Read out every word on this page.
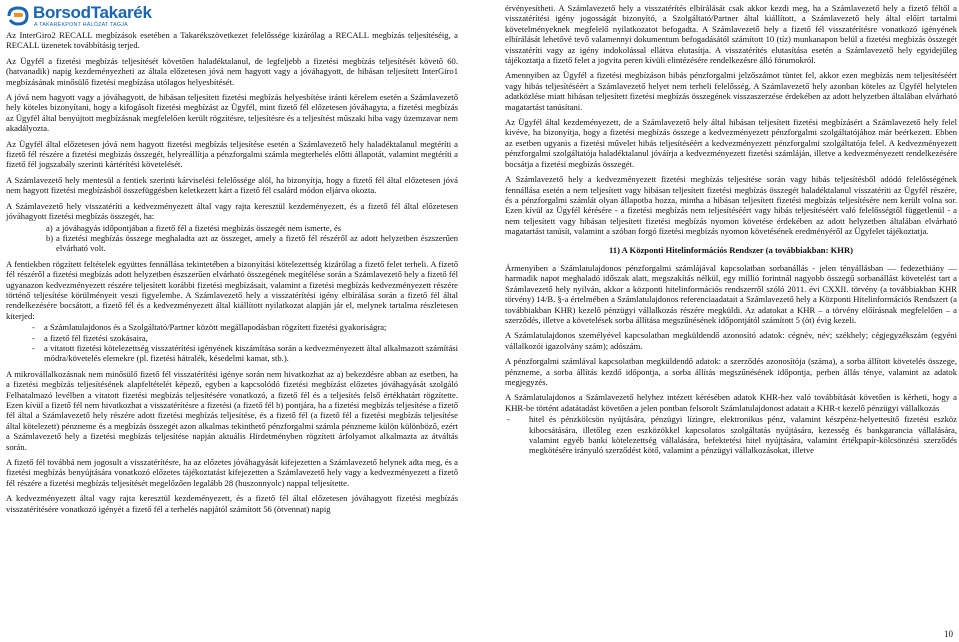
BorsodTakarék
A TAKARÉKPONT HÁLÓZAT TAGJA

Az InterGiro2 RECALL megbízások esetében a Takarékszövetkezet felelőssége kizárólag a RECALL megbízás teljesítéséig, a RECALL üzenetek továbbításig terjed.

Az Ügyfél a fizetési megbízás teljesítését követően haladéktalanul, de legfeljebb a fizetési megbízás teljesítését követő 60. (hatvanadik) napig kezdeményezheti az általa előzetesen jóvá nem hagyott vagy a jóváhagyott, de hibásan teljesített InterGiro1 megbízásának minősülő fizetési megbízása utólagos helyesbítését.

A jóvá nem hagyott vagy a jóváhagyott, de hibásan teljesített fizetési megbízás helyesbítése iránti kérelem esetén a Számlavezető hely köteles bizonyítani, hogy a kifogásolt fizetési megbízást az Ügyfél, mint fizető fél előzetesen jóváhagyta, a fizetési megbízás az Ügyfél által benyújtott megbízásnak megfelelően került rögzítésre, teljesítésre és a teljesítést műszaki hiba vagy üzemzavar nem akadályozta.

Az Ügyfél által előzetesen jóvá nem hagyott fizetési megbízás teljesítése esetén a Számlavezető hely haladéktalanul megtéríti a fizető fél részére a fizetési megbízás összegét, helyreállítja a pénzforgalmi számla megterhelés előtti állapotát, valamint megtéríti a fizető fél jogszabály szerinti kártérítési követelését.

A Számlavezető hely mentesül a fentiek szerinti kárviselési felelőssége alól, ha bizonyítja, hogy a fizető fél által előzetesen jóvá nem hagyott fizetési megbízásból összefüggésben keletkezett kárt a fizető fél csalárd módon eljárva okozta.

A Számlavezető hely visszatéríti a kedvezményezett által vagy rajta keresztül kezdeményezett, és a fizető fél által előzetesen jóváhagyott fizetési megbízás összegét, ha:

a) a jóváhagyás időpontjában a fizető fél a fizetési megbízás összegét nem ismerte, és
b) a fizetési megbízás összege meghaladta azt az összeget, amely a fizető fél részéről az adott helyzetben észszerűen elvárható volt.

A fentiekben rögzített feltételek együttes fennállása tekintetében a bizonyítási kötelezettség kizárólag a fizető felet terheli. A fizető fél részéről a fizetési megbízás adott helyzetben észszerűen elvárható összegének megítélése során a Számlavezető hely a fizető fél ugyanazon kedvezményezett részére teljesített korábbi fizetési megbízásait, valamint a fizetési megbízás kedvezményezett részére történő teljesítése körülményeit veszi figyelembe. A Számlavezető hely a visszatérítési igény elbírálása során a fizető fél által rendelkezésére bocsátott, a fizető fél és a kedvezményezett által kiállított nyilatkozat alapján jár el, melynek tartalma részletesen kiterjed:

-	a Számlatulajdonos és a Szolgáltató/Partner között megállapodásban rögzített fizetési gyakoriságra;
-	a fizető fél fizetési szokásaira,
-	a vitatott fizetési kötelezettség visszatérítési igényének kiszámítása során a kedvezményezett által alkalmazott számítási módra/követelés elemekre (pl. fizetési hátralék, késedelmi kamat, stb.).

A mikrovállalkozásnak nem minősülő fizető fél visszatérítési igénye során nem hivatkozhat az a) bekezdésre abban az esetben, ha a fizetési megbízás teljesítésének alapfeltételét képező, egyben a kapcsolódó fizetési megbízást előzetes jóváhagyását szolgáló Felhatalmazó levélben a vitatott fizetési megbízás teljesítésére vonatkozó, a fizető fél és a teljesítés felső értékhatárt rögzítette. Ezen kívül a fizető fél nem hivatkozhat a visszatérítésre a fizetési (a fizető fél b) pontjára, ha a fizetési megbízás teljesítése a fizető fél által a Számlavezető hely részére adott fizetési megbízás teljesítése, és a fizető fél (a fizető fél a fizetési megbízás teljesítése által kötelezett) pénzneme és a megbízás összegét azon alkalmas tekinthető pénzforgalmi számla pénzneme külön különböző, ezért a Számlavezető hely a fizetési megbízás teljesítése napján aktuális Hirdetményben rögzített árfolyamot alkalmazta az átváltás során.

A fizető fél továbbá nem jogosult a visszatérítésre, ha az előzetes jóváhagyását kifejezetten a Számlavezető helynek adta meg, és a fizetési megbízás benyújtására vonatkozó előzetes tájékoztatást kifejezetten a Számlavezető hely vagy a kedvezményezett a fizető fél részére a fizetési megbízás teljesítését megelőzően legalább 28 (huszonnyolc) nappal teljesítette.

A kedvezményezett által vagy rajta keresztül kezdeményezett, és a fizető fél által előzetesen jóváhagyott fizetési megbízás visszatérítésére vonatkozó igényét a fizető fél a terhelés napjától számított 56 (ötvennat) napig

érvényesítheti. A Számlavezető hely a visszatérítés elbírálását csak akkor kezdi meg, ha a Számlavezető hely a fizető féltől a visszatérítési igény jogosságát bizonyító, a Szolgáltató/Partner által kiállított, a Számlavezető hely által előírt tartalmi követelményeknek megfelelő nyilatkozatot befogadta. A Számlavezető hely a fizető fél visszatérítésre vonatkozó igényének elbírálását lehetővé tevő valamennyi dokumentum befogadásától számított 10 (tíz) munkanapon belül a fizetési megbízás összegét visszatéríti vagy az igény indokolással ellátva elutasítja. A visszatérítés elutasítása esetén a Számlavezető hely egyidejűleg tájékoztatja a fizető felet a jogvita peren kívüli elintézésére rendelkezésre álló fórumokról.

Amennyiben az Ügyfél a fizetési megbízáson hibás pénzforgalmi jelzőszámot tüntet fel, akkor ezen megbízás nem teljesítéséért vagy hibás teljesítéséért a Számlavezető helyet nem terheli felelősség. A Számlavezető hely azonban köteles az Ügyfél helytelen adatközlése miatt hibásan teljesített fizetési megbízás összegének visszaszerzése érdekében az adott helyzetben általában elvárható magatartást tanúsítani.

Az Ügyfél által kezdeményezett, de a Számlavezető hely által hibásan teljesített fizetési megbízásért a Számlavezető hely felel kivéve, ha bizonyítja, hogy a fizetési megbízás összege a kedvezményezett pénzforgalmi szolgáltatójához már beérkezett. Ebben az esetben ugyanis a fizetési művelet hibás teljesítéséért a kedvezményezett pénzforgalmi szolgáltatója felel. A kedvezményezett pénzforgalmi szolgáltatója haladéktalanul jóváírja a kedvezményezett fizetési számláján, illetve a kedvezményezett rendelkezésére bocsátja a fizetési megbízás összegét.

A Számlavezető hely a kedvezményezett fizetési megbízás teljesítése során vagy hibás teljesítésből adódó felelősségének fennállása esetén a nem teljesített vagy hibásan teljesített fizetési megbízás összegét haladéktalanul visszatéríti az Ügyfél részére, és a pénzforgalmi számlát olyan állapotba hozza, mintha a hibásan teljesített fizetési megbízás teljesítésére nem került volna sor. Ezen kívül az Ügyfél kérésére - a fizetési megbízás nem teljesítéséért vagy hibás teljesítéséért való felelősségtől függetlenül - a nem teljesített vagy hibásan teljesített fizetési megbízás nyomon követése érdekében az adott helyzetben általában elvárható magatartást tanúsít, valamint a szóban forgó fizetési megbízás nyomon követésének eredményéről az Ügyfelet tájékoztatja.

11) A Központi Hitelinformációs Rendszer (a továbbiakban: KHR)

Ármenyiben a Számlatulajdonos pénzforgalmi számlájával kapcsolatban sorbanállás - jelen tényállásban — fedezethiány — harmadik napot meghaladó időszak alatt, megszakítás nélkül, egy millió forintnál nagyobb összegű sorbanállást követelést tart a Számlavezető hely nyilván, akkor a központi hitelinformációs rendszerről szóló 2011. évi CXXII. törvény (a továbbiakban KHR törvény) 14/B. §-a értelmében a Számlatulajdonos referenciaadatait a Számlavezető hely a Központi Hitelinformációs Rendszert (a továbbiakban KHR) kezelő pénzügyi vállalkozás részére megküldi. Az adatokat a KHR – a törvény előírásnak megfelelően – a szerződés, illetve a követelések sorba állítása megszűnésének időpontjától számított 5 (öt) évig kezeli.

A Számlatulajdonos személyével kapcsolatban megküldendő azonosító adatok: cégnév, név; székhely; cégjegyzékszám (egyéni vállalkozói igazolvány szám); adószám.

A pénzforgalmi számlával kapcsolatban megküldendő adatok: a szerződés azonosítója (száma), a sorba állított követelés összege, pénzneme, a sorba állítás kezdő időpontja, a sorba állítás megszűnésének időpontja, perben állás ténye, valamint az adatok megjegyzés.

A Számlatulajdonos a Számlavezető helyhez intézett kérésében adatok KHR-hez való továbbítását követően is kérheti, hogy a KHR-be történt adatátadást követően a jelen pontban felsorolt Számlatulajdonost adatait a KHR-t kezelő pénzügyi vállalkozás

-	hitel és pénzkölcsön nyújtására, pénzügyi lízingre, elektronikus pénz, valamint készpénz-helyettesítő fizetési eszköz kibocsátására, illetőleg ezen eszközökkel kapcsolatos szolgáltatás nyújtására, kezesség és bankgarancia vállalására, valamint egyéb banki kötelezettség vállalására, befektetési hitel nyújtására, valamint értékpapír-kölcsönzési szerződés megkötésére irányuló szerződést kötő, valamint a pénzügyi vállalkozásokat, illetve
10
